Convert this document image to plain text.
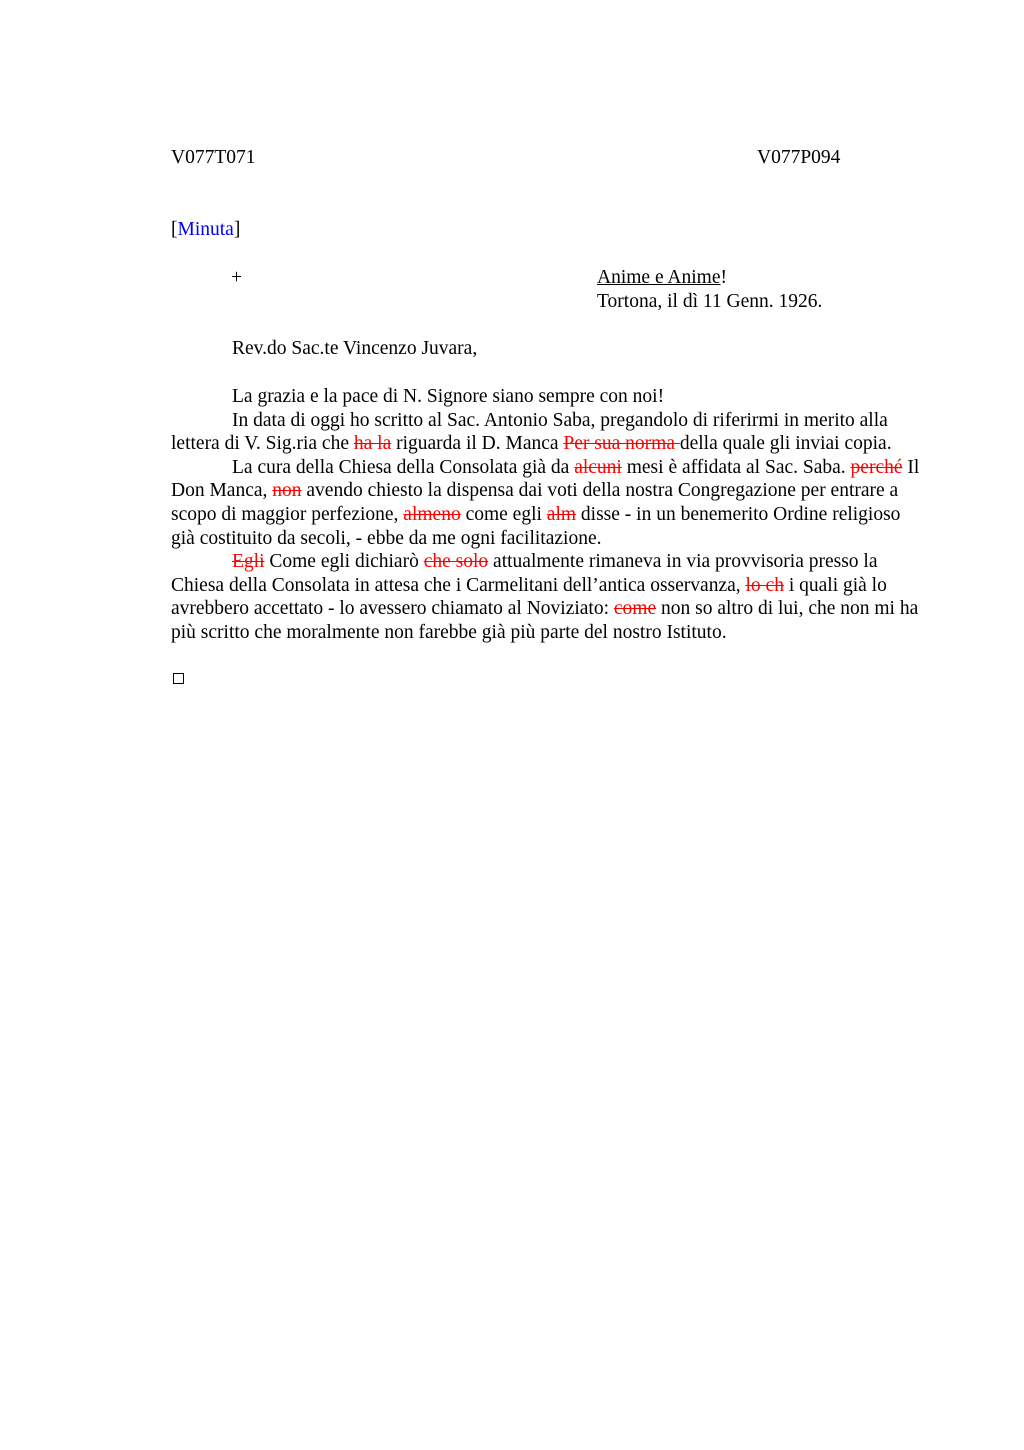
V077T071	V077P094
[Minuta]
+	Anime e Anime!
Tortona, il dì 11 Genn. 1926.
Rev.do Sac.te Vincenzo Juvara,

La grazia e la pace di N. Signore siano sempre con noi!

In data di oggi ho scritto al Sac. Antonio Saba, pregandolo di riferirmi in merito alla lettera di V. Sig.ria che ha la riguarda il D. Manca Per sua norma della quale gli inviai copia.

La cura della Chiesa della Consolata già da alcuni mesi è affidata al Sac. Saba. perché Il Don Manca, non avendo chiesto la dispensa dai voti della nostra Congregazione per entrare a scopo di maggior perfezione, almeno come egli alm disse - in un benemerito Ordine religioso già costituito da secoli, - ebbe da me ogni facilitazione.

Egli Come egli dichiarò che solo attualmente rimaneva in via provvisoria presso la Chiesa della Consolata in attesa che i Carmelitani dell’antica osservanza, lo ch i quali già lo avrebbero accettato - lo avessero chiamato al Noviziato: come non so altro di lui, che non mi ha più scritto che moralmente non farebbe già più parte del nostro Istituto.
